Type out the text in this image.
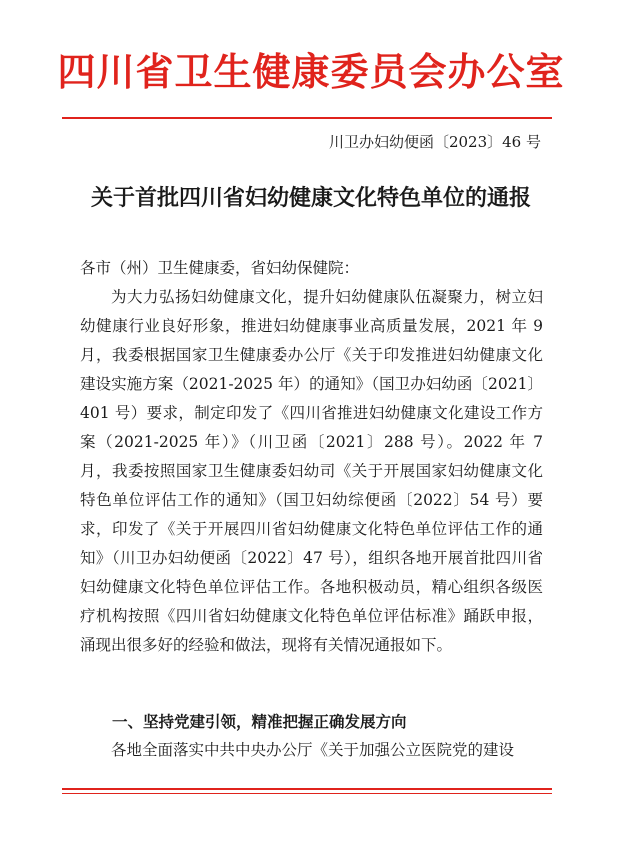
四川省卫生健康委员会办公室
川卫办妇幼便函〔2023〕46 号
关于首批四川省妇幼健康文化特色单位的通报
各市（州）卫生健康委，省妇幼保健院：
为大力弘扬妇幼健康文化，提升妇幼健康队伍凝聚力，树立妇幼健康行业良好形象，推进妇幼健康事业高质量发展，2021 年 9 月，我委根据国家卫生健康委办公厅《关于印发推进妇幼健康文化建设实施方案（2021-2025 年）的通知》（国卫办妇幼函〔2021〕401 号）要求，制定印发了《四川省推进妇幼健康文化建设工作方案（2021-2025 年）》（川卫函〔2021〕288 号）。2022 年 7 月，我委按照国家卫生健康委妇幼司《关于开展国家妇幼健康文化特色单位评估工作的通知》（国卫妇幼综便函〔2022〕54 号）要求，印发了《关于开展四川省妇幼健康文化特色单位评估工作的通知》（川卫办妇幼便函〔2022〕47 号），组织各地开展首批四川省妇幼健康文化特色单位评估工作。各地积极动员，精心组织各级医疗机构按照《四川省妇幼健康文化特色单位评估标准》踊跃申报，涌现出很多好的经验和做法，现将有关情况通报如下。
一、坚持党建引领，精准把握正确发展方向
各地全面落实中共中央办公厅《关于加强公立医院党的建设
